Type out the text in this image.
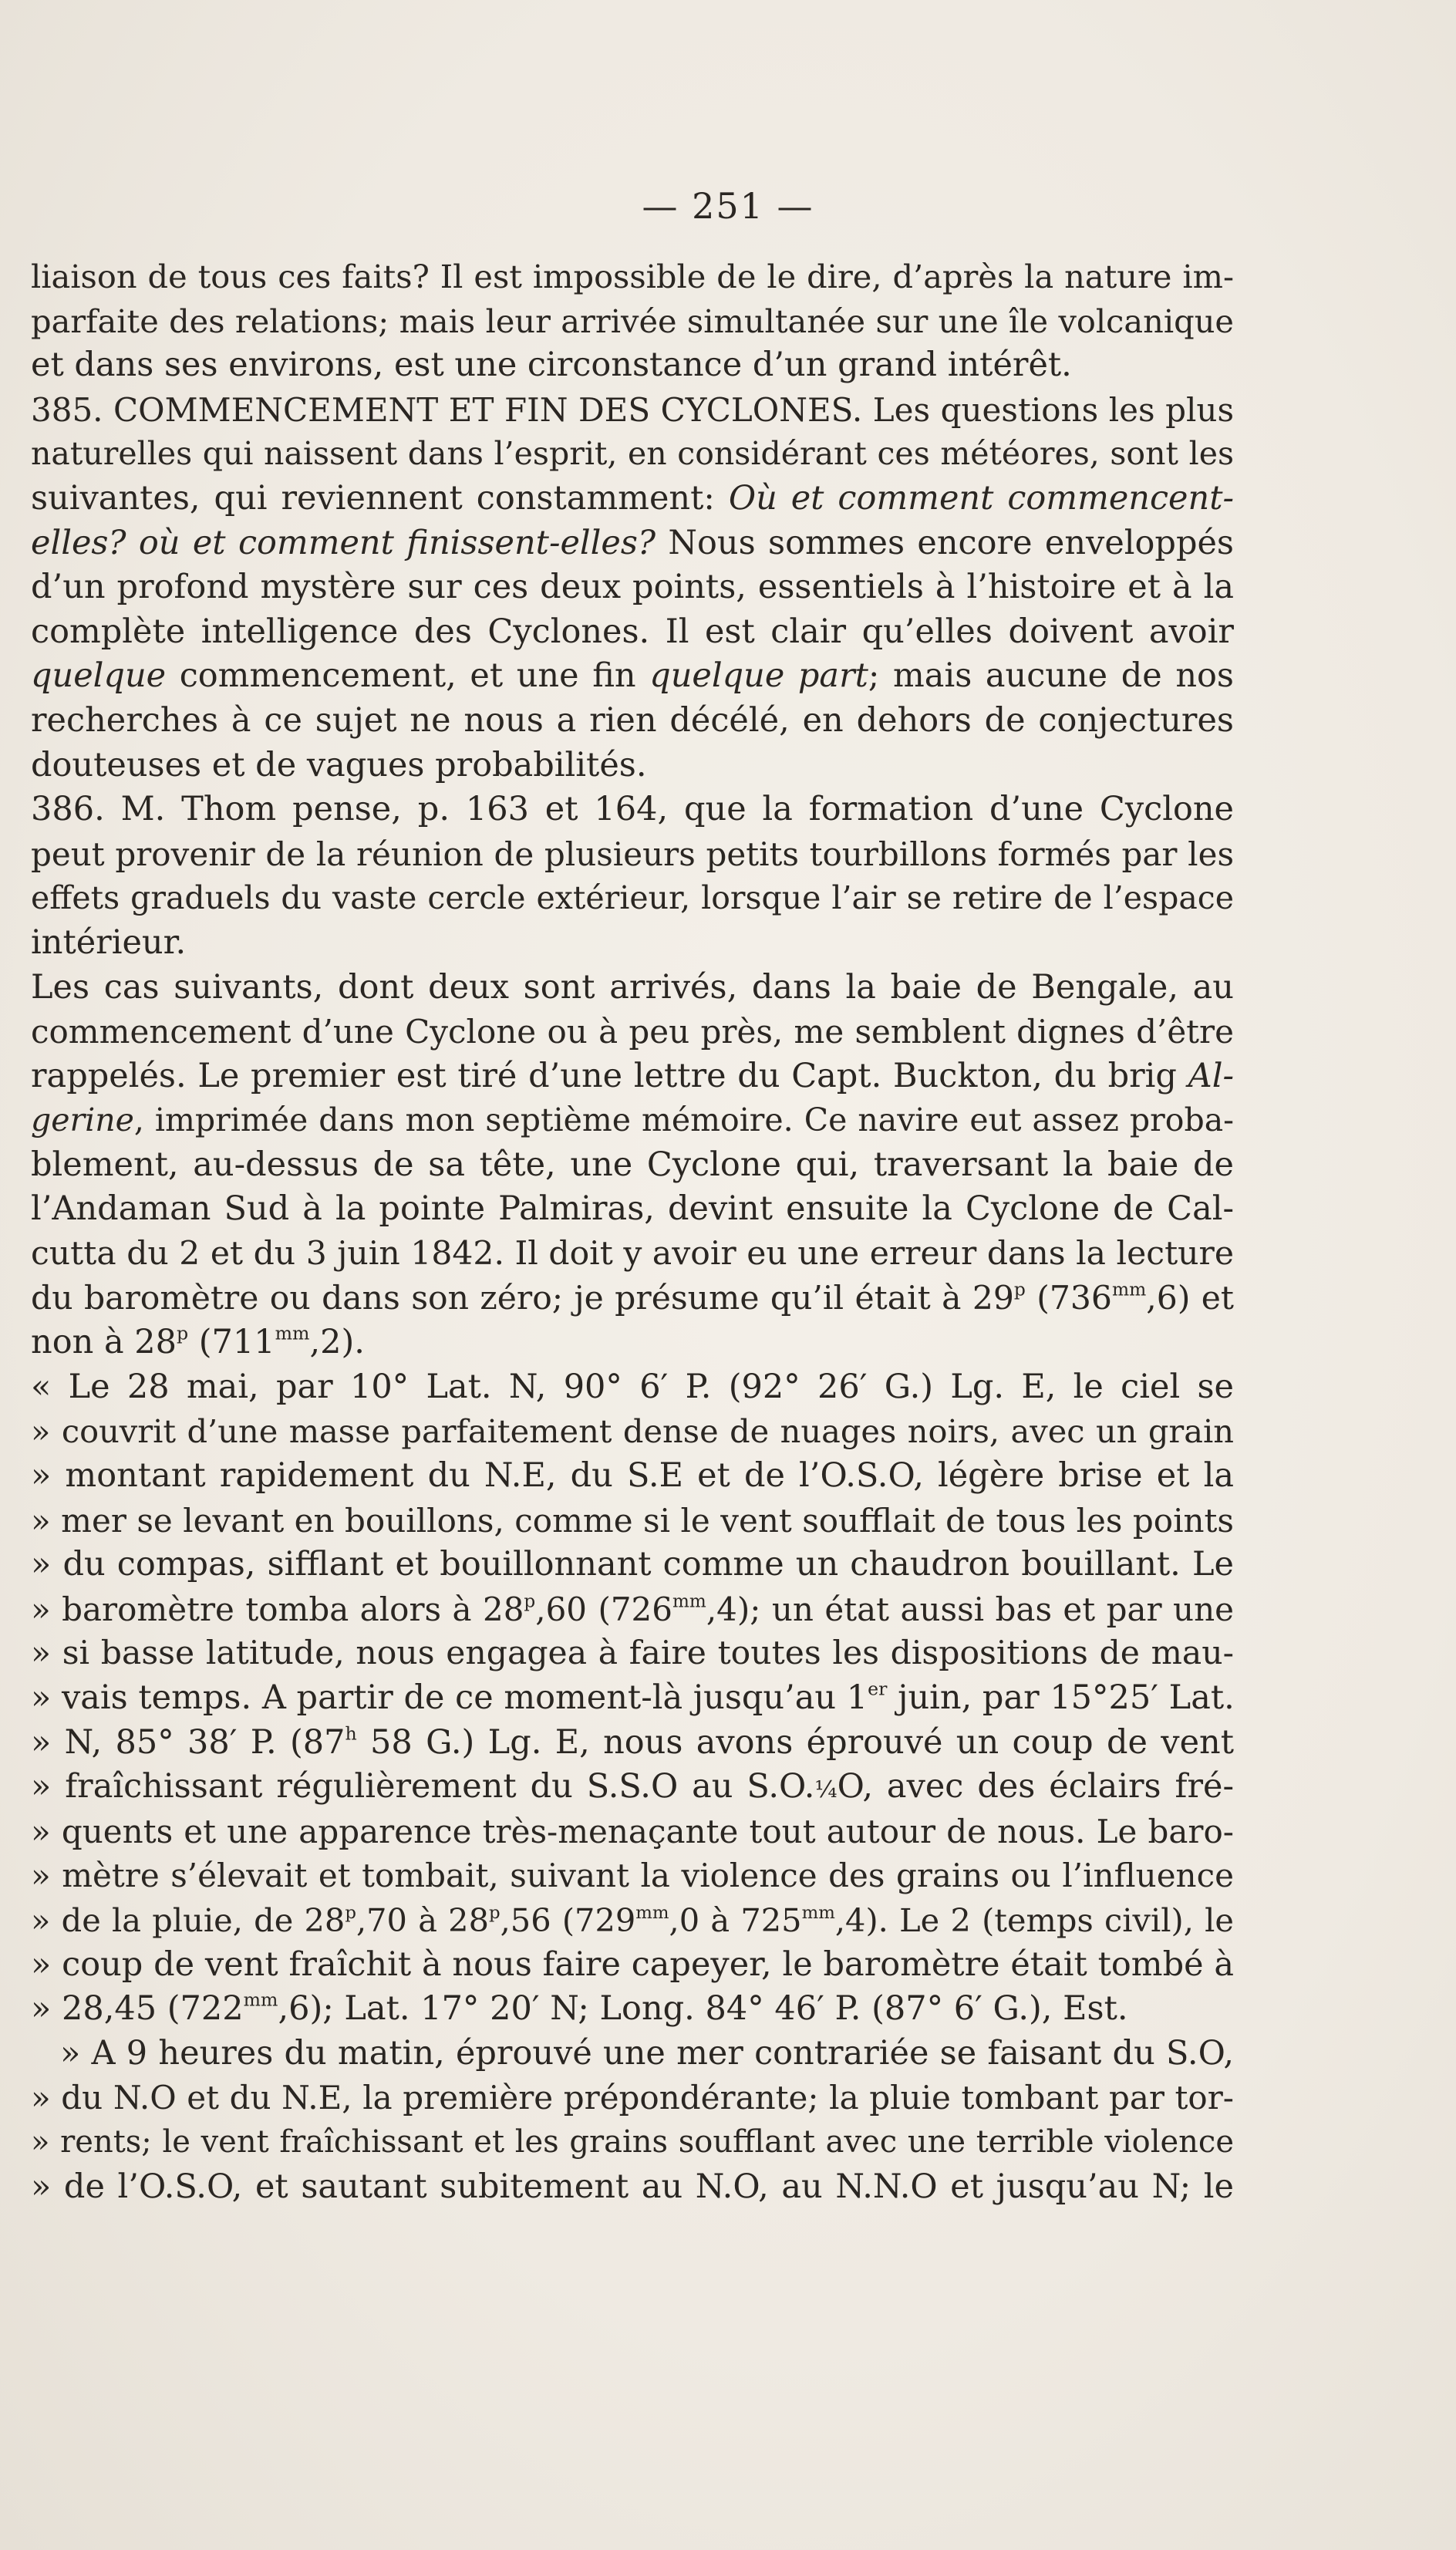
— 251 —
liaison de tous ces faits? Il est impossible de le dire, d’après la nature im-
parfaite des relations; mais leur arrivée simultanée sur une île volcanique
et dans ses environs, est une circonstance d’un grand intérêt.
385. COMMENCEMENT ET FIN DES CYCLONES. Les questions les plus
naturelles qui naissent dans l’esprit, en considérant ces météores, sont les
suivantes, qui reviennent constamment: Où et comment commencent-
elles? où et comment finissent-elles? Nous sommes encore enveloppés
d’un profond mystère sur ces deux points, essentiels à l’histoire et à la
complète intelligence des Cyclones. Il est clair qu’elles doivent avoir
quelque commencement, et une fin quelque part; mais aucune de nos
recherches à ce sujet ne nous a rien décélé, en dehors de conjectures
douteuses et de vagues probabilités.
386. M. Thom pense, p. 163 et 164, que la formation d’une Cyclone
peut provenir de la réunion de plusieurs petits tourbillons formés par les
effets graduels du vaste cercle extérieur, lorsque l’air se retire de l’espace
intérieur.
Les cas suivants, dont deux sont arrivés, dans la baie de Bengale, au
commencement d’une Cyclone ou à peu près, me semblent dignes d’être
rappelés. Le premier est tiré d’une lettre du Capt. Buckton, du brig Al-
gerine, imprimée dans mon septième mémoire. Ce navire eut assez proba-
blement, au-dessus de sa tête, une Cyclone qui, traversant la baie de
l’Andaman Sud à la pointe Palmiras, devint ensuite la Cyclone de Cal-
cutta du 2 et du 3 juin 1842. Il doit y avoir eu une erreur dans la lecture
du baromètre ou dans son zéro; je présume qu’il était à 29$^p$ $(736^{mm},6)$ et
non à 28$^p$ $(711^{mm},2)$.
« Le 28 mai, par 10° Lat. N, 90° 6′ P. (92° 26′ G.) Lg. E, le ciel se
» couvrit d’une masse parfaitement dense de nuages noirs, avec un grain
» montant rapidement du N.E, du S.E et de l’O.S.O, légère brise et la
» mer se levant en bouillons, comme si le vent soufflait de tous les points
» du compas, sifflant et bouillonnant comme un chaudron bouillant. Le
» baromètre tomba alors à 28$^p$,60 $(726^{mm},4)$; un état aussi bas et par une
» si basse latitude, nous engagea à faire toutes les dispositions de mau-
» vais temps. A partir de ce moment-là jusqu’au 1er juin, par 15°25′ Lat.
» N, 85° 38′ P. (87$^h$ 58 G.) Lg. E, nous avons éprouvé un coup de vent
» fraîchissant régulièrement du S.S.O au S.O.¼O, avec des éclairs fré-
» quents et une apparence très-menaçante tout autour de nous. Le baro-
» mètre s’élevait et tombait, suivant la violence des grains ou l’influence
» de la pluie, de 28$^p$,70 à 28$^p$,56 ($729^{mm},0$ à $725^{mm},4$). Le 2 (temps civil), le
» coup de vent fraîchit à nous faire capeyer, le baromètre était tombé à
» 28,45 $(722^{mm},6)$; Lat. 17° 20′ N; Long. 84° 46′ P. (87° 6′ G.), Est.
» A 9 heures du matin, éprouvé une mer contrariée se faisant du S.O,
» du N.O et du N.E, la première prépondérante; la pluie tombant par tor-
» rents; le vent fraîchissant et les grains soufflant avec une terrible violence
» de l’O.S.O, et sautant subitement au N.O, au N.N.O et jusqu’au N; le
